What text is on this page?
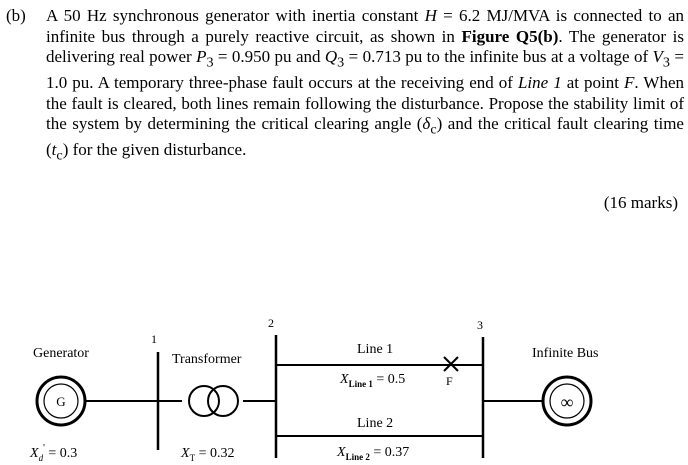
(b) A 50 Hz synchronous generator with inertia constant H = 6.2 MJ/MVA is connected to an infinite bus through a purely reactive circuit, as shown in Figure Q5(b). The generator is delivering real power $P_3 = 0.950$ pu and $Q_3 = 0.713$ pu to the infinite bus at a voltage of $V_3 = 1.0$ pu. A temporary three-phase fault occurs at the receiving end of Line 1 at point F. When the fault is cleared, both lines remain following the disturbance. Propose the stability limit of the system by determining the critical clearing angle $(\delta_c)$ and the critical fault clearing time $(t_c)$ for the given disturbance.

(16 marks)
Generator
G
$X_d' = 0.3$
1
Transformer
$X_T = 0.32$
2
Line 1
$X_{Line 1} = 0.5$	F
Line 2
$X_{Line 2} = 0.37$
3
Infinite Bus
∞
